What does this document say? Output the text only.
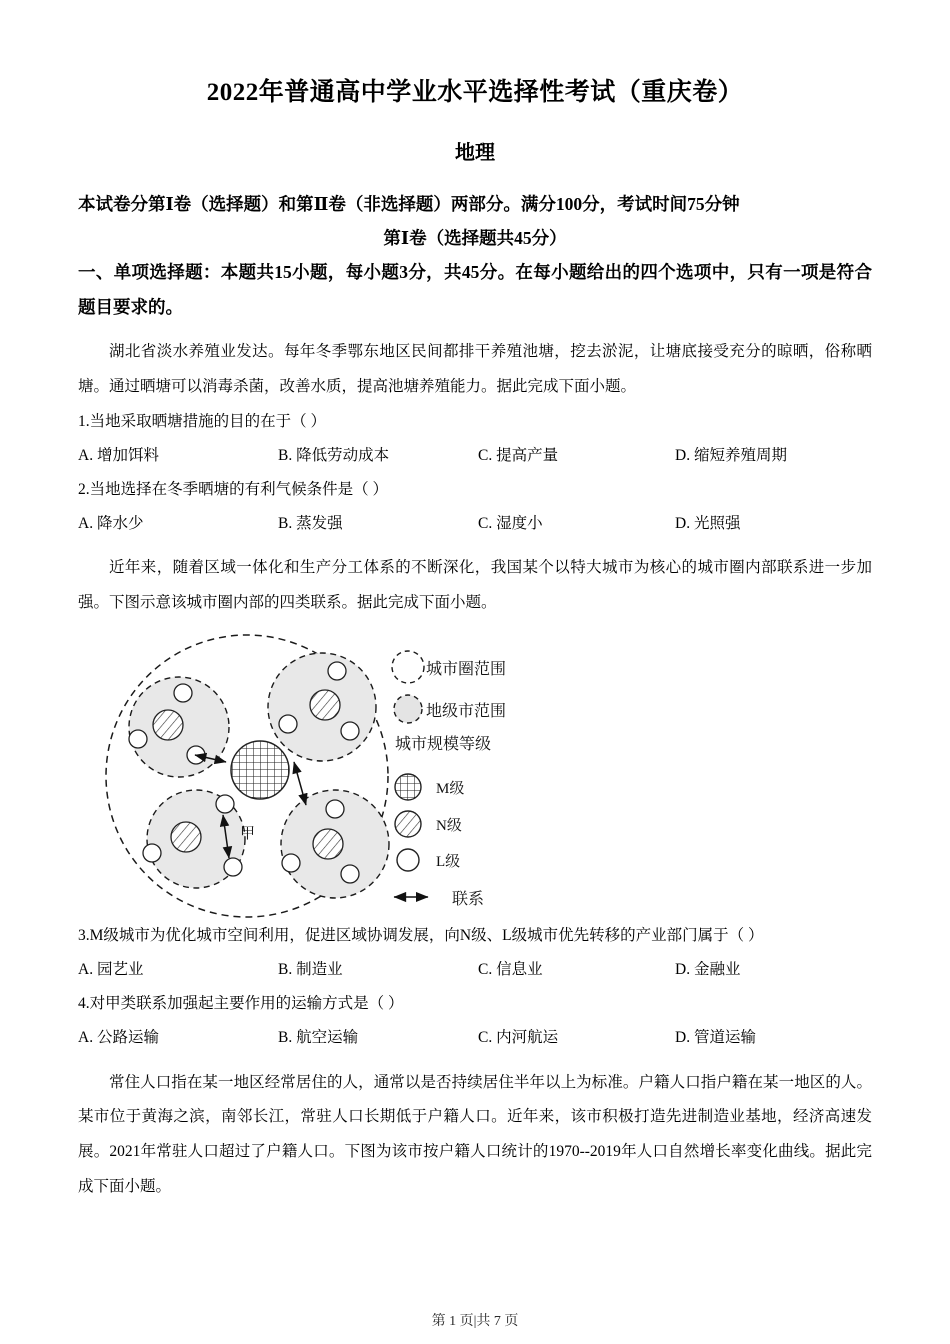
2022年普通高中学业水平选择性考试（重庆卷）
地理

本试卷分第Ⅰ卷（选择题）和第Ⅱ卷（非选择题）两部分。满分100分，考试时间75分钟

第Ⅰ卷（选择题共45分）

一、单项选择题：本题共15小题，每小题3分，共45分。在每小题给出的四个选项中，只有一项是符合题目要求的。

湖北省淡水养殖业发达。每年冬季鄂东地区民间都排干养殖池塘，挖去淤泥，让塘底接受充分的晾晒，俗称晒塘。通过晒塘可以消毒杀菌，改善水质，提高池塘养殖能力。据此完成下面小题。

1.当地采取晒塘措施的目的在于（ ）

A. 增加饵料	B. 降低劳动成本	C. 提高产量	D. 缩短养殖周期

2.当地选择在冬季晒塘的有利气候条件是（ ）

A. 降水少	B. 蒸发强	C. 湿度小	D. 光照强

近年来，随着区域一体化和生产分工体系的不断深化，我国某个以特大城市为核心的城市圈内部联系进一步加强。下图示意该城市圈内部的四类联系。据此完成下面小题。

甲
城市圈范围
地级市范围
城市规模等级
M级
N级
L级
联系

3.M级城市为优化城市空间利用，促进区域协调发展，向N级、L级城市优先转移的产业部门属于（ ）

A. 园艺业	B. 制造业	C. 信息业	D. 金融业

4.对甲类联系加强起主要作用的运输方式是（ ）

A. 公路运输	B. 航空运输	C. 内河航运	D. 管道运输

常住人口指在某一地区经常居住的人，通常以是否持续居住半年以上为标准。户籍人口指户籍在某一地区的人。某市位于黄海之滨，南邻长江，常驻人口长期低于户籍人口。近年来，该市积极打造先进制造业基地，经济高速发展。2021年常驻人口超过了户籍人口。下图为该市按户籍人口统计的1970--2019年人口自然增长率变化曲线。据此完成下面小题。

第 1 页|共 7 页
